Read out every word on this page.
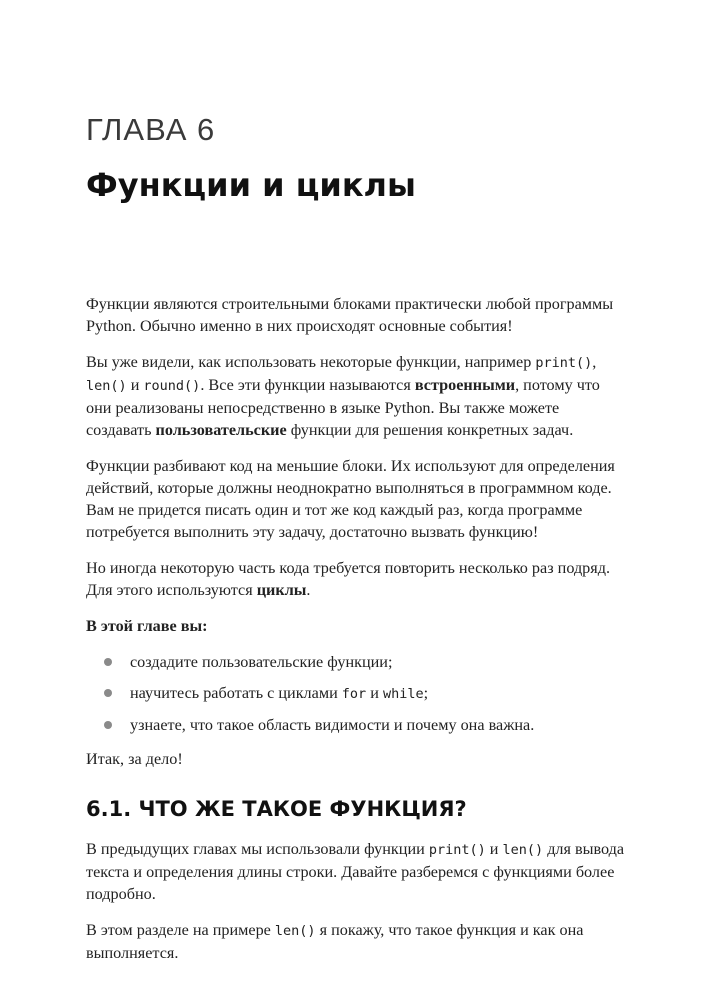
ГЛАВА 6
Функции и циклы

Функции являются строительными блоками практически любой программы Python. Обычно именно в них происходят основные события!

Вы уже видели, как использовать некоторые функции, например print(), len() и round(). Все эти функции называются встроенными, потому что они реализованы непосредственно в языке Python. Вы также можете создавать пользовательские функции для решения конкретных задач.

Функции разбивают код на меньшие блоки. Их используют для определения действий, которые должны неоднократно выполняться в программном коде. Вам не придется писать один и тот же код каждый раз, когда программе потребуется выполнить эту задачу, достаточно вызвать функцию!

Но иногда некоторую часть кода требуется повторить несколько раз подряд. Для этого используются циклы.

В этой главе вы:

создадите пользовательские функции;
научитесь работать с циклами for и while;
узнаете, что такое область видимости и почему она важна.

Итак, за дело!

6.1. ЧТО ЖЕ ТАКОЕ ФУНКЦИЯ?

В предыдущих главах мы использовали функции print() и len() для вывода текста и определения длины строки. Давайте разберемся с функциями более подробно.

В этом разделе на примере len() я покажу, что такое функция и как она выполняется.
